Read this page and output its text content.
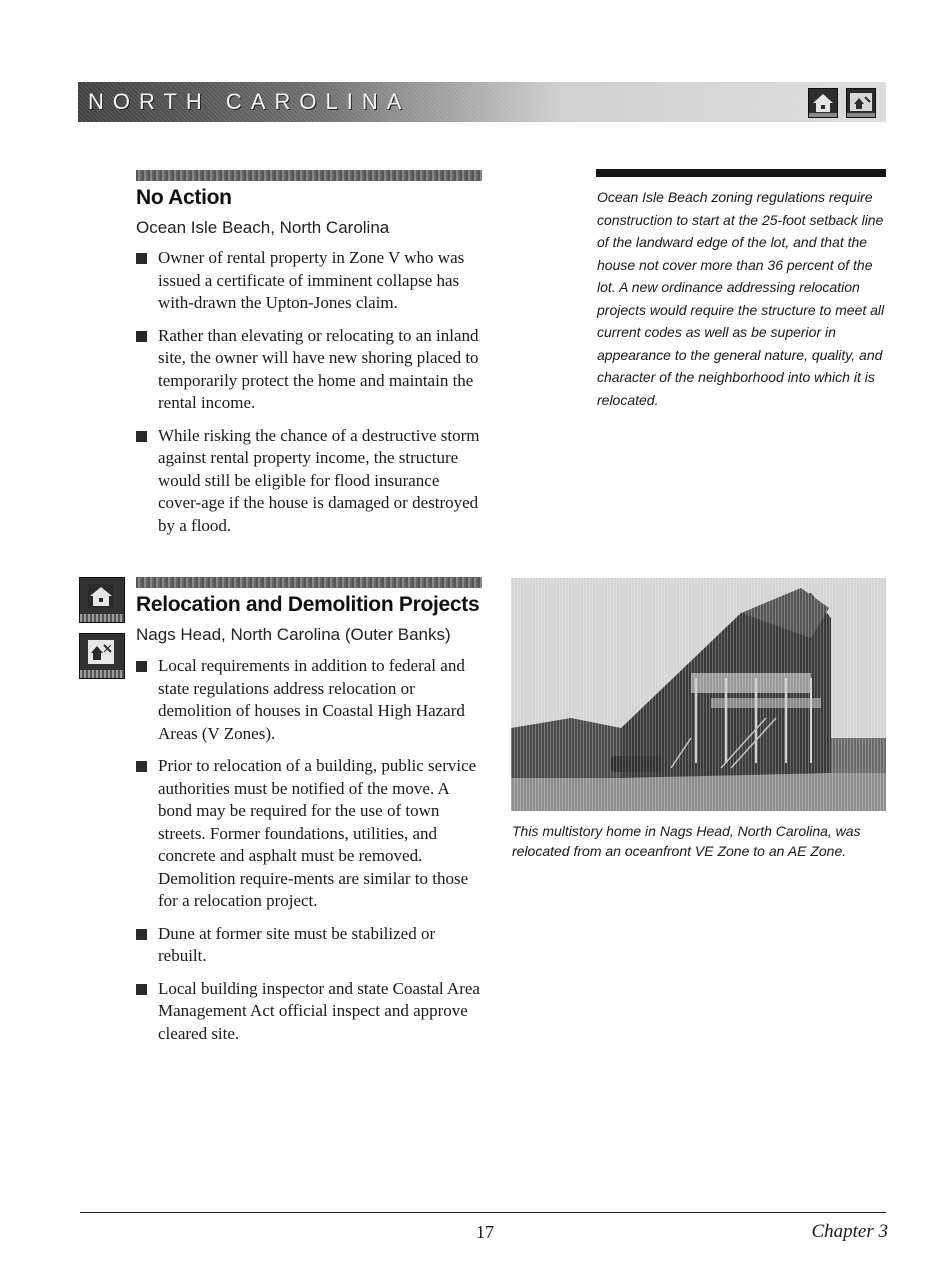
NORTH CAROLINA
No Action

Ocean Isle Beach, North Carolina

Owner of rental property in Zone V who was issued a certificate of imminent collapse has with-drawn the Upton-Jones claim.
Rather than elevating or relocating to an inland site, the owner will have new shoring placed to temporarily protect the home and maintain the rental income.
While risking the chance of a destructive storm against rental property income, the structure would still be eligible for flood insurance cover-age if the house is damaged or destroyed by a flood.

Ocean Isle Beach zoning regulations require construction to start at the 25-foot setback line of the landward edge of the lot, and that the house not cover more than 36 percent of the lot. A new ordinance addressing relocation projects would require the structure to meet all current codes as well as be superior in appearance to the general nature, quality, and character of the neighborhood into which it is relocated.

Relocation and Demolition Projects

Nags Head, North Carolina (Outer Banks)

Local requirements in addition to federal and state regulations address relocation or demolition of houses in Coastal High Hazard Areas (V Zones).
Prior to relocation of a building, public service authorities must be notified of the move. A bond may be required for the use of town streets. Former foundations, utilities, and concrete and asphalt must be removed. Demolition require-ments are similar to those for a relocation project.
Dune at former site must be stabilized or rebuilt.
Local building inspector and state Coastal Area Management Act official inspect and approve cleared site.

This multistory home in Nags Head, North Carolina, was relocated from an oceanfront VE Zone to an AE Zone.

17	Chapter 3
